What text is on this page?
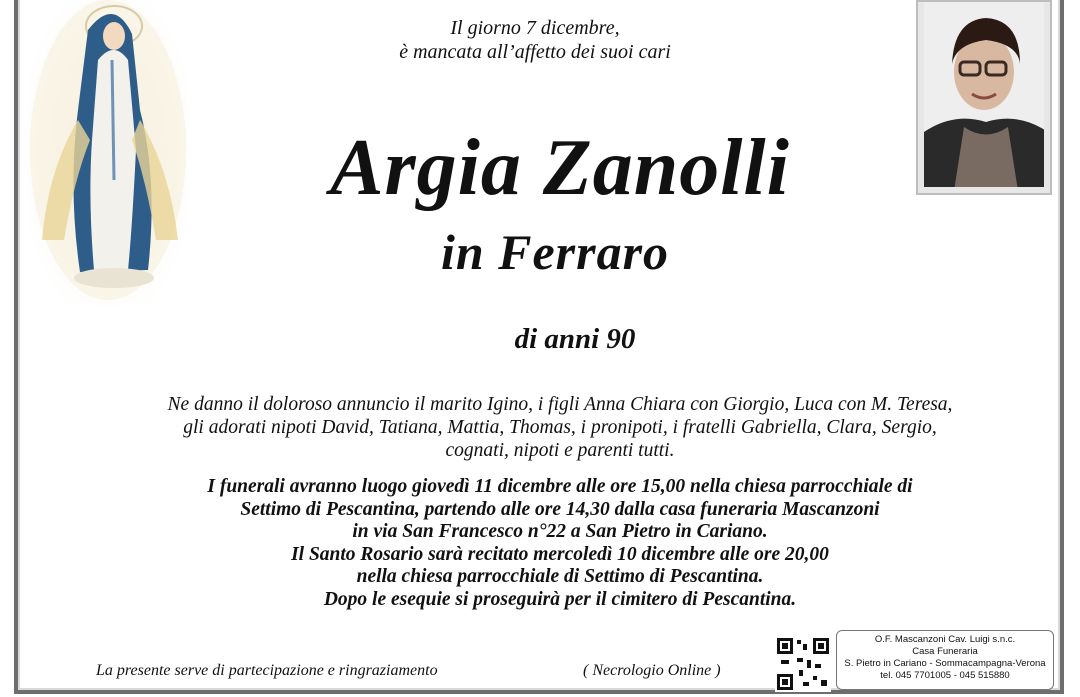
Il giorno 7 dicembre,
è mancata all’affetto dei suoi cari
Argia Zanolli
in Ferraro
di anni 90
Ne danno il doloroso annuncio il marito Igino, i figli Anna Chiara con Giorgio, Luca con M. Teresa,
gli adorati nipoti David, Tatiana, Mattia, Thomas, i pronipoti, i fratelli Gabriella, Clara, Sergio,
cognati, nipoti e parenti tutti.
I funerali avranno luogo giovedì 11 dicembre alle ore 15,00 nella chiesa parrocchiale di
Settimo di Pescantina, partendo alle ore 14,30 dalla casa funeraria Mascanzoni
in via San Francesco n°22 a San Pietro in Cariano.
Il Santo Rosario sarà recitato mercoledì 10 dicembre alle ore 20,00
nella chiesa parrocchiale di Settimo di Pescantina.
Dopo le esequie si proseguirà per il cimitero di Pescantina.
La presente serve di partecipazione e ringraziamento	( Necrologio Online )
O.F. Mascanzoni Cav. Luigi s.n.c.
Casa Funeraria
S. Pietro in Cariano - Sommacampagna-Verona
tel. 045 7701005 - 045 515880
